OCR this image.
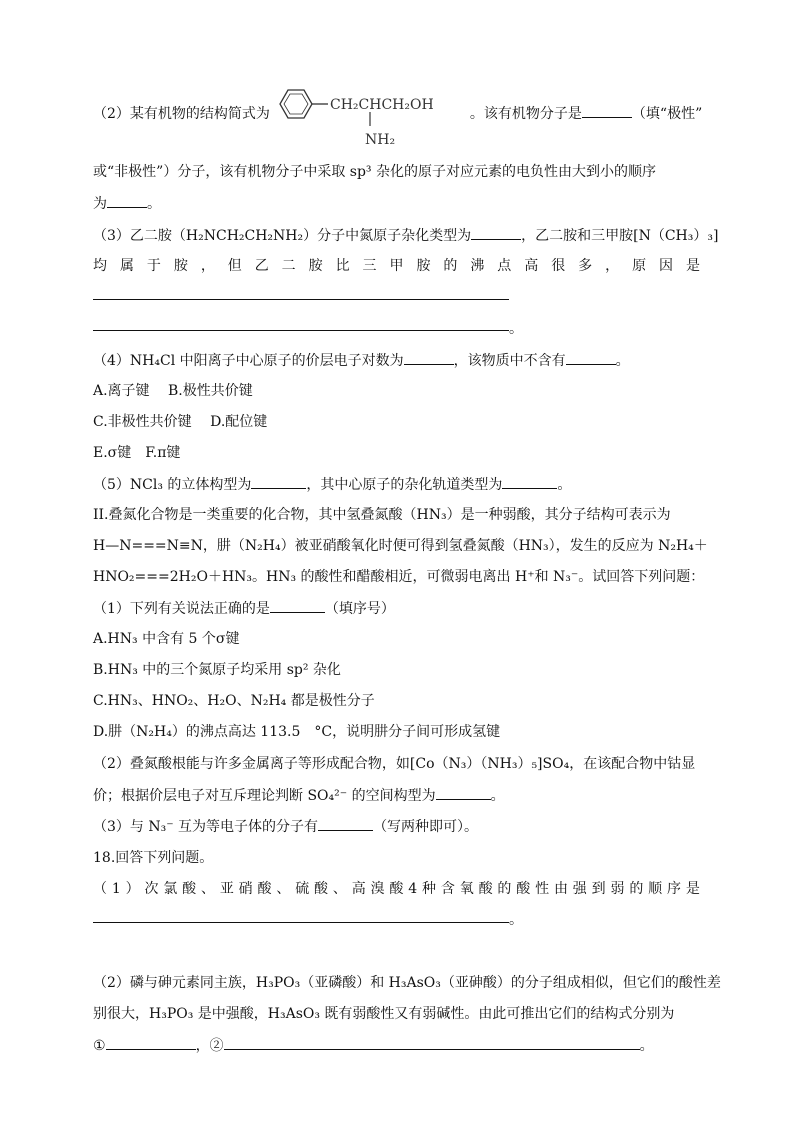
（2）某有机物的结构简式为	。该有机物分子是	（填“极性”
CH₂CHCH₂OH
NH₂
或“非极性”）分子，该有机物分子中采取 sp³ 杂化的原子对应元素的电负性由大到小的顺序
为	。
（3）乙二胺（H₂NCH₂CH₂NH₂）分子中氮原子杂化类型为	，乙二胺和三甲胺[N（CH₃）₃]
均 属 于 胺 ， 但 乙 二 胺 比 三 甲 胺 的 沸 点 高 很 多 ， 原 因 是
。
（4）NH₄Cl 中阳离子中心原子的价层电子对数为	，该物质中不含有	。
A.离子键　 B.极性共价键
C.非极性共价键　 D.配位键
E.σ键　F.π键
（5）NCl₃ 的立体构型为	，其中心原子的杂化轨道类型为	。
II.叠氮化合物是一类重要的化合物，其中氢叠氮酸（HN₃）是一种弱酸，其分子结构可表示为
H—N===N≡N，肼（N₂H₄）被亚硝酸氧化时便可得到氢叠氮酸（HN₃），发生的反应为 N₂H₄＋
HNO₂===2H₂O＋HN₃。HN₃ 的酸性和醋酸相近，可微弱电离出 H⁺和 N₃⁻。试回答下列问题：
（1）下列有关说法正确的是	（填序号）
A.HN₃ 中含有 5 个σ键
B.HN₃ 中的三个氮原子均采用 sp² 杂化
C.HN₃、HNO₂、H₂O、N₂H₄ 都是极性分子
D.肼（N₂H₄）的沸点高达 113.5　°C，说明肼分子间可形成氢键
（2）叠氮酸根能与许多金属离子等形成配合物，如[Co（N₃）（NH₃）₅]SO₄，在该配合物中钴显
价；根据价层电子对互斥理论判断 SO₄²⁻ 的空间构型为	。
（3）与 N₃⁻ 互为等电子体的分子有	（写两种即可）。
18.回答下列问题。
（ 1 ） 次 氯 酸 、 亚 硝 酸 、 硫 酸 、 高 溴 酸 4 种 含 氧 酸 的 酸 性 由 强 到 弱 的 顺 序 是
。
（2）磷与砷元素同主族，H₃PO₃（亚磷酸）和 H₃AsO₃（亚砷酸）的分子组成相似，但它们的酸性差
别很大，H₃PO₃ 是中强酸，H₃AsO₃ 既有弱酸性又有弱碱性。由此可推出它们的结构式分别为
①	，②	。
